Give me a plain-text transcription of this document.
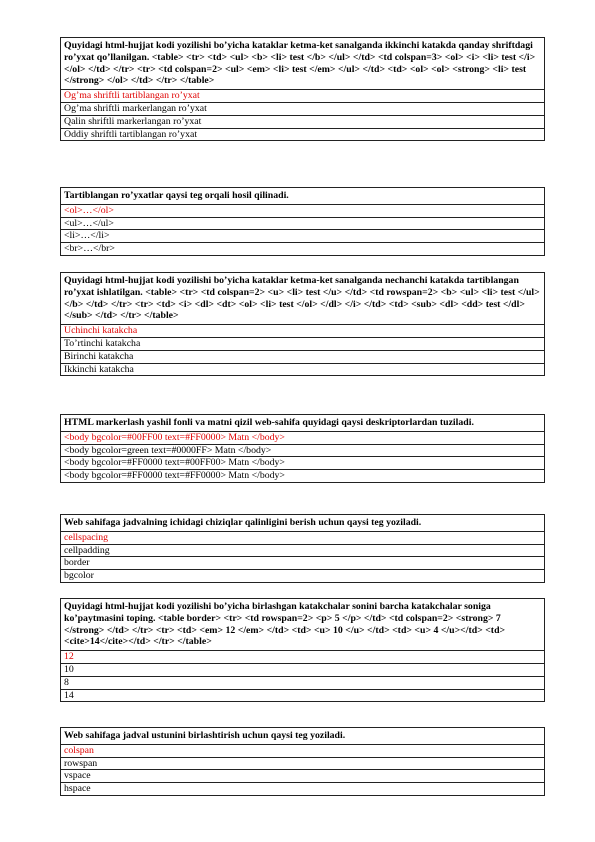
Quyidagi html-hujjat kodi yozilishi bo’yicha kataklar ketma-ket sanalganda ikkinchi katakda qanday shriftdagi ro’yxat qo’llanilgan. <table> <tr> <td> <ul> <b> <li> test </b> </ul> </td> <td colspan=3> <ol> <i> <li> test </i></ol> </td> </tr> <tr> <td colspan=2> <ul> <em> <li> test </em> </ul> </td> <td> <ol> <ol> <strong> <li> test </strong> </ol> </td> </tr> </table>
Og’ma shriftli tartiblangan ro’yxat
Og’ma shriftli markerlangan ro’yxat
Qalin shriftli markerlangan ro’yxat
Oddiy shriftli tartiblangan ro’yxat
Tartiblangan ro’yxatlar qaysi teg orqali hosil qilinadi.
<ol>…</ol>
<ul>…</ul>
<li>…</li>
<br>…</br>
Quyidagi html-hujjat kodi yozilishi bo’yicha kataklar ketma-ket sanalganda nechanchi katakda tartiblangan ro’yxat ishlatilgan. <table> <tr> <td colspan=2> <u> <li> test </u> </td> <td rowspan=2> <b> <ul> <li> test </ul> </b> </td> </tr> <tr> <td> <i> <dl> <dt> <ol> <li> test </ol> </dl> </i> </td> <td> <sub> <dl> <dd> test </dl> </sub> </td> </tr> </table>
Uchinchi katakcha
To’rtinchi katakcha
Birinchi katakcha
Ikkinchi katakcha
HTML markerlash yashil fonli va matni qizil web-sahifa quyidagi qaysi deskriptorlardan tuziladi.
<body bgcolor=#00FF00 text=#FF0000> Matn </body>
<body bgcolor=green text=#0000FF> Matn </body>
<body bgcolor=#FF0000 text=#00FF00> Matn </body>
<body bgcolor=#FF0000 text=#FF0000> Matn </body>
Web sahifaga jadvalning ichidagi chiziqlar qalinligini berish uchun qaysi teg yoziladi.
cellspacing
cellpadding
border
bgcolor
Quyidagi html-hujjat kodi yozilishi bo’yicha birlashgan katakchalar sonini barcha katakchalar soniga ko’paytmasini toping. <table border> <tr> <td rowspan=2> <p> 5 </p> </td> <td colspan=2> <strong> 7 </strong> </td> </tr> <tr> <td> <em> 12 </em> </td> <td> <u> 10 </u> </td> <td> <u> 4 </u></td> <td><cite>14</cite></td> </tr> </table>
12
10
8
14
Web sahifaga jadval ustunini birlashtirish uchun qaysi teg yoziladi.
colspan
rowspan
vspace
hspace
